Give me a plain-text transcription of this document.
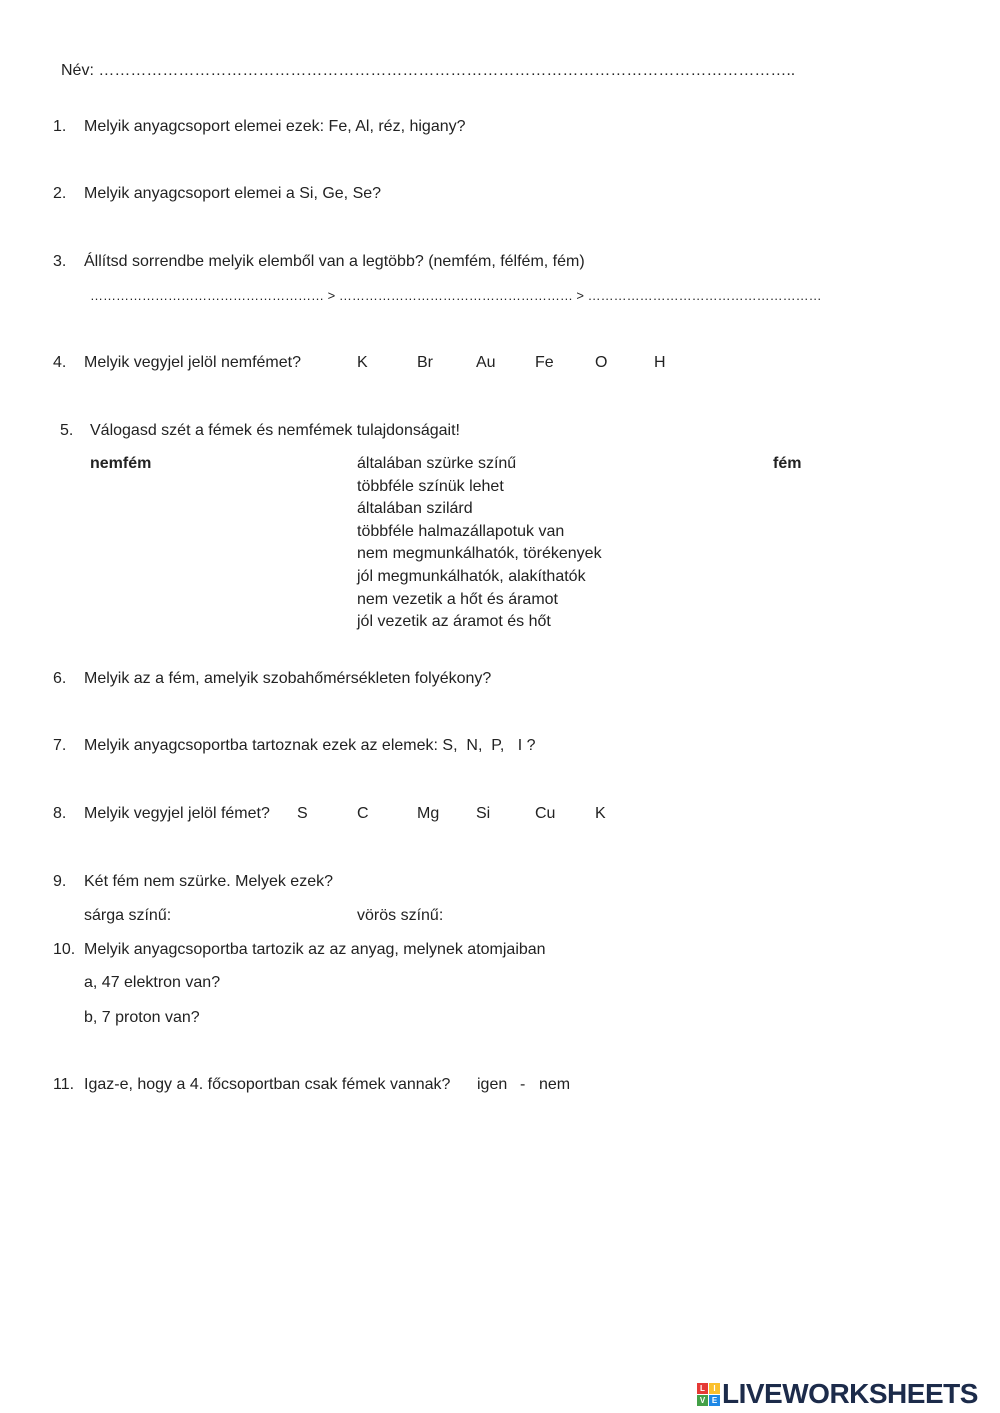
Név: …………………………………………………………………………………………………………………..
1. Melyik anyagcsoport elemei ezek: Fe, Al, réz, higany?
2. Melyik anyagcsoport elemei a Si, Ge, Se?
3. Állítsd sorrendbe melyik elemből van a legtöbb? (nemfém, félfém, fém)
……………………………………………… > ……………………………………………… > ………………………………………………
4. Melyik vegyjel jelöl nemfémet?	K	Br	Au Fe	O	H
5. Válogasd szét a fémek és nemfémek tulajdonságait!
nemfém	fém
általában szürke színű
többféle színük lehet
általában szilárd
többféle halmazállapotuk van
nem megmunkálhatók, törékenyek
jól megmunkálhatók, alakíthatók
nem vezetik a hőt és áramot
jól vezetik az áramot és hőt
6. Melyik az a fém, amelyik szobahőmérsékleten folyékony?
7. Melyik anyagcsoportba tartoznak ezek az elemek: S,  N,  P,   I ?
8. Melyik vegyjel jelöl fémet? S	C	Mg Si	Cu K
9. Két fém nem szürke. Melyek ezek?
sárga színű:	vörös színű:
10. Melyik anyagcsoportba tartozik az az anyag, melynek atomjaiban
a, 47 elektron van?
b, 7 proton van?
11. Igaz-e, hogy a 4. főcsoportban csak fémek vannak? igen - nem
L	I
V E LIVEWORKSHEETS
